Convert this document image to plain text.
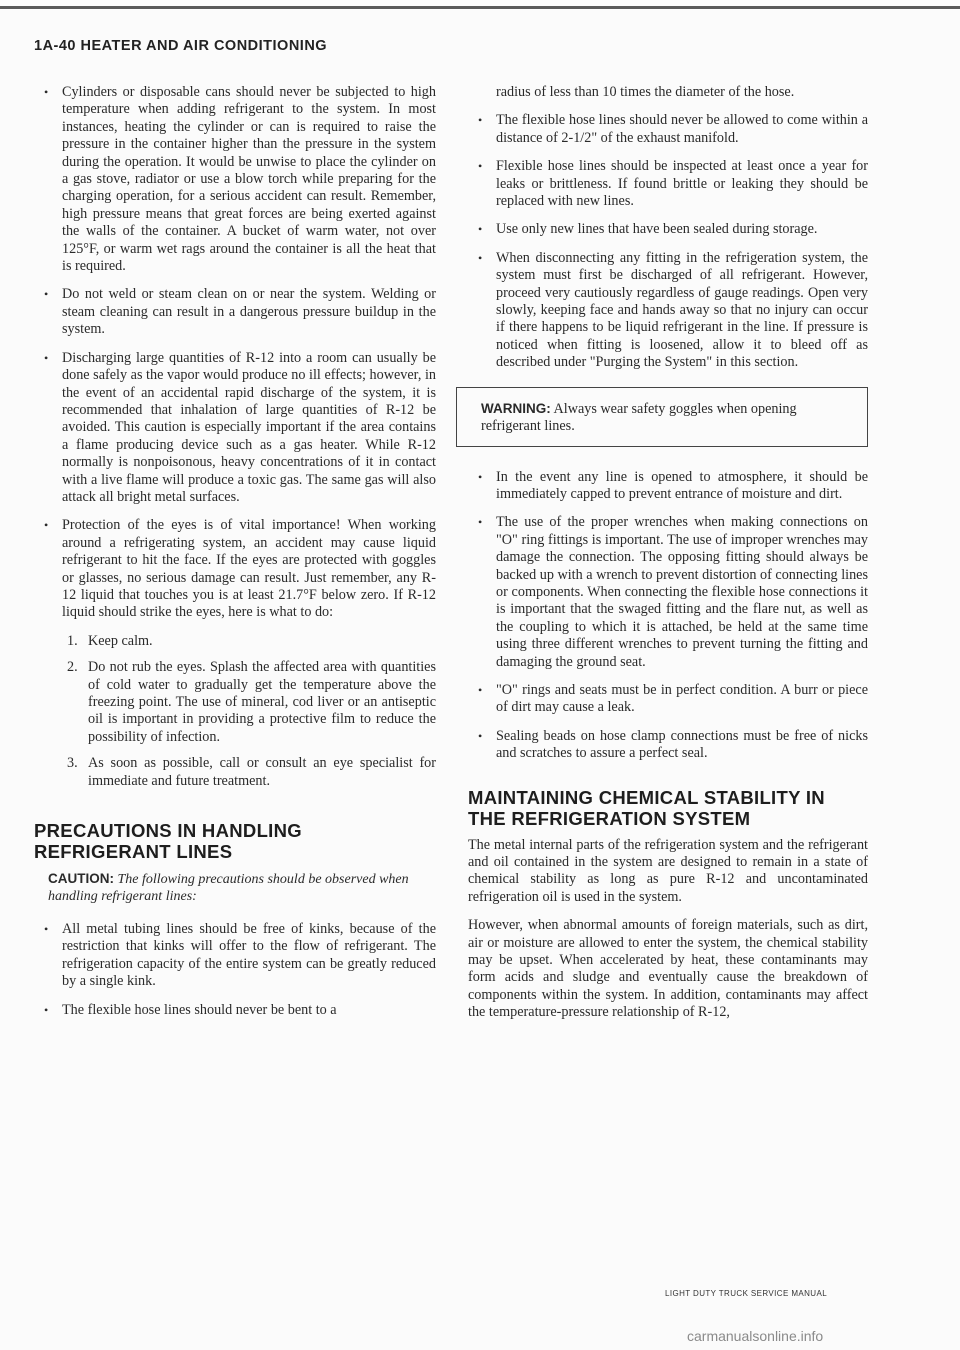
1A-40 HEATER AND AIR CONDITIONING
• Cylinders or disposable cans should never be subjected to high temperature when adding refrigerant to the system. In most instances, heating the cylinder or can is required to raise the pressure in the container higher than the pressure in the system during the operation. It would be unwise to place the cylinder on a gas stove, radiator or use a blow torch while preparing for the charging operation, for a serious accident can result. Remember, high pressure means that great forces are being exerted against the walls of the container. A bucket of warm water, not over 125°F, or warm wet rags around the container is all the heat that is required.
• Do not weld or steam clean on or near the system. Welding or steam cleaning can result in a dangerous pressure buildup in the system.
• Discharging large quantities of R-12 into a room can usually be done safely as the vapor would produce no ill effects; however, in the event of an accidental rapid discharge of the system, it is recommended that inhalation of large quantities of R-12 be avoided. This caution is especially important if the area contains a flame producing device such as a gas heater. While R-12 normally is nonpoisonous, heavy concentrations of it in contact with a live flame will produce a toxic gas. The same gas will also attack all bright metal surfaces.
• Protection of the eyes is of vital importance! When working around a refrigerating system, an accident may cause liquid refrigerant to hit the face. If the eyes are protected with goggles or glasses, no serious damage can result. Just remember, any R-12 liquid that touches you is at least 21.7°F below zero. If R-12 liquid should strike the eyes, here is what to do:
1. Keep calm.
2. Do not rub the eyes. Splash the affected area with quantities of cold water to gradually get the temperature above the freezing point. The use of mineral, cod liver or an antiseptic oil is important in providing a protective film to reduce the possibility of infection.
3. As soon as possible, call or consult an eye specialist for immediate and future treatment.
PRECAUTIONS IN HANDLING REFRIGERANT LINES
CAUTION: The following precautions should be observed when handling refrigerant lines:
• All metal tubing lines should be free of kinks, because of the restriction that kinks will offer to the flow of refrigerant. The refrigeration capacity of the entire system can be greatly reduced by a single kink.
• The flexible hose lines should never be bent to a
radius of less than 10 times the diameter of the hose.
• The flexible hose lines should never be allowed to come within a distance of 2-1/2" of the exhaust manifold.
• Flexible hose lines should be inspected at least once a year for leaks or brittleness. If found brittle or leaking they should be replaced with new lines.
• Use only new lines that have been sealed during storage.
• When disconnecting any fitting in the refrigeration system, the system must first be discharged of all refrigerant. However, proceed very cautiously regardless of gauge readings. Open very slowly, keeping face and hands away so that no injury can occur if there happens to be liquid refrigerant in the line. If pressure is noticed when fitting is loosened, allow it to bleed off as described under "Purging the System" in this section.
WARNING: Always wear safety goggles when opening refrigerant lines.
• In the event any line is opened to atmosphere, it should be immediately capped to prevent entrance of moisture and dirt.
• The use of the proper wrenches when making connections on "O" ring fittings is important. The use of improper wrenches may damage the connection. The opposing fitting should always be backed up with a wrench to prevent distortion of connecting lines or components. When connecting the flexible hose connections it is important that the swaged fitting and the flare nut, as well as the coupling to which it is attached, be held at the same time using three different wrenches to prevent turning the fitting and damaging the ground seat.
• "O" rings and seats must be in perfect condition. A burr or piece of dirt may cause a leak.
• Sealing beads on hose clamp connections must be free of nicks and scratches to assure a perfect seal.
MAINTAINING CHEMICAL STABILITY IN THE REFRIGERATION SYSTEM
The metal internal parts of the refrigeration system and the refrigerant and oil contained in the system are designed to remain in a state of chemical stability as long as pure R-12 and uncontaminated refrigeration oil is used in the system.
However, when abnormal amounts of foreign materials, such as dirt, air or moisture are allowed to enter the system, the chemical stability may be upset. When accelerated by heat, these contaminants may form acids and sludge and eventually cause the breakdown of components within the system. In addition, contaminants may affect the temperature-pressure relationship of R-12,
LIGHT DUTY TRUCK SERVICE MANUAL
carmanualsonline.info
